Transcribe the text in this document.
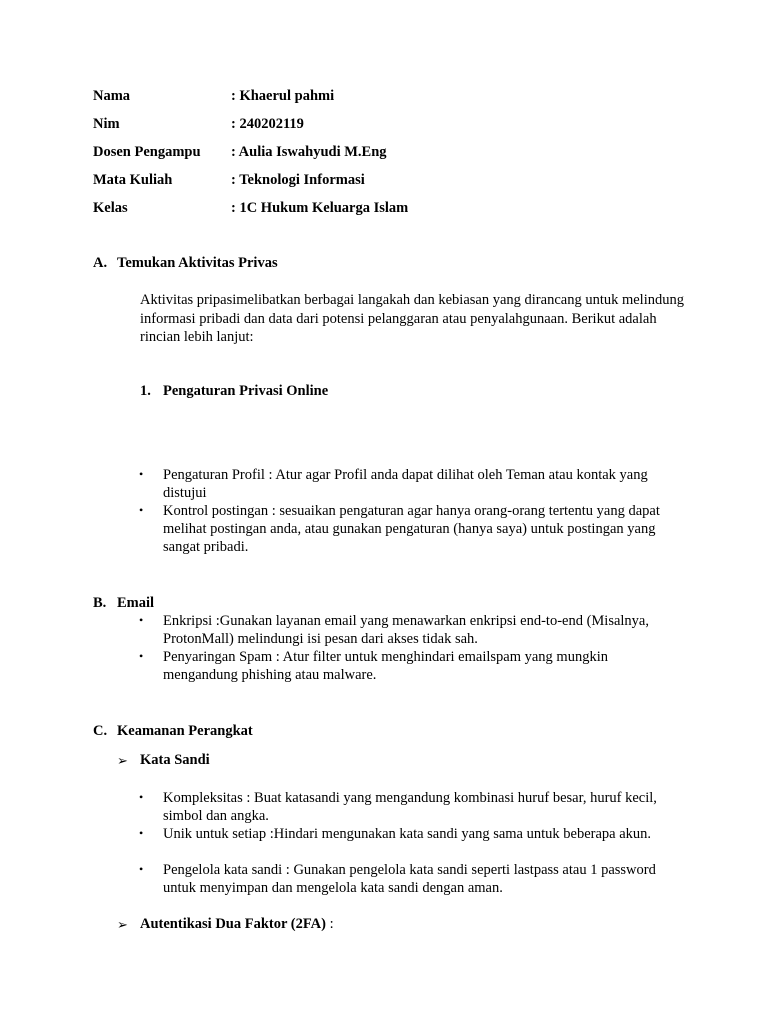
Nama	: Khaerul pahmi
Nim	: 240202119
Dosen Pengampu : Aulia Iswahyudi M.Eng
Mata Kuliah	: Teknologi Informasi
Kelas	: 1C Hukum Keluarga Islam
A. Temukan Aktivitas Privas
Aktivitas pripasimelibatkan berbagai langakah dan kebiasan yang dirancang untuk melindung informasi pribadi dan data dari potensi pelanggaran atau penyalahgunaan. Berikut adalah rincian lebih lanjut:
1. Pengaturan Privasi Online
• Pengaturan Profil : Atur agar Profil anda dapat dilihat oleh Teman atau kontak yang distujui
• Kontrol postingan : sesuaikan pengaturan agar hanya orang-orang tertentu yang dapat melihat postingan anda, atau gunakan pengaturan (hanya saya) untuk postingan yang sangat pribadi.
B. Email
• Enkripsi :Gunakan layanan email yang menawarkan enkripsi end-to-end (Misalnya, ProtonMall) melindungi isi pesan dari akses tidak sah.
• Penyaringan Spam : Atur filter untuk menghindari emailspam yang mungkin mengandung phishing atau malware.
C. Keamanan Perangkat
➢ Kata Sandi
• Kompleksitas : Buat katasandi yang mengandung kombinasi huruf besar, huruf kecil, simbol dan angka.
• Unik untuk setiap :Hindari mengunakan kata sandi yang sama untuk beberapa akun.
• Pengelola kata sandi : Gunakan pengelola kata sandi seperti lastpass atau 1 password untuk menyimpan dan mengelola kata sandi dengan aman.
➢ Autentikasi Dua Faktor (2FA) :
